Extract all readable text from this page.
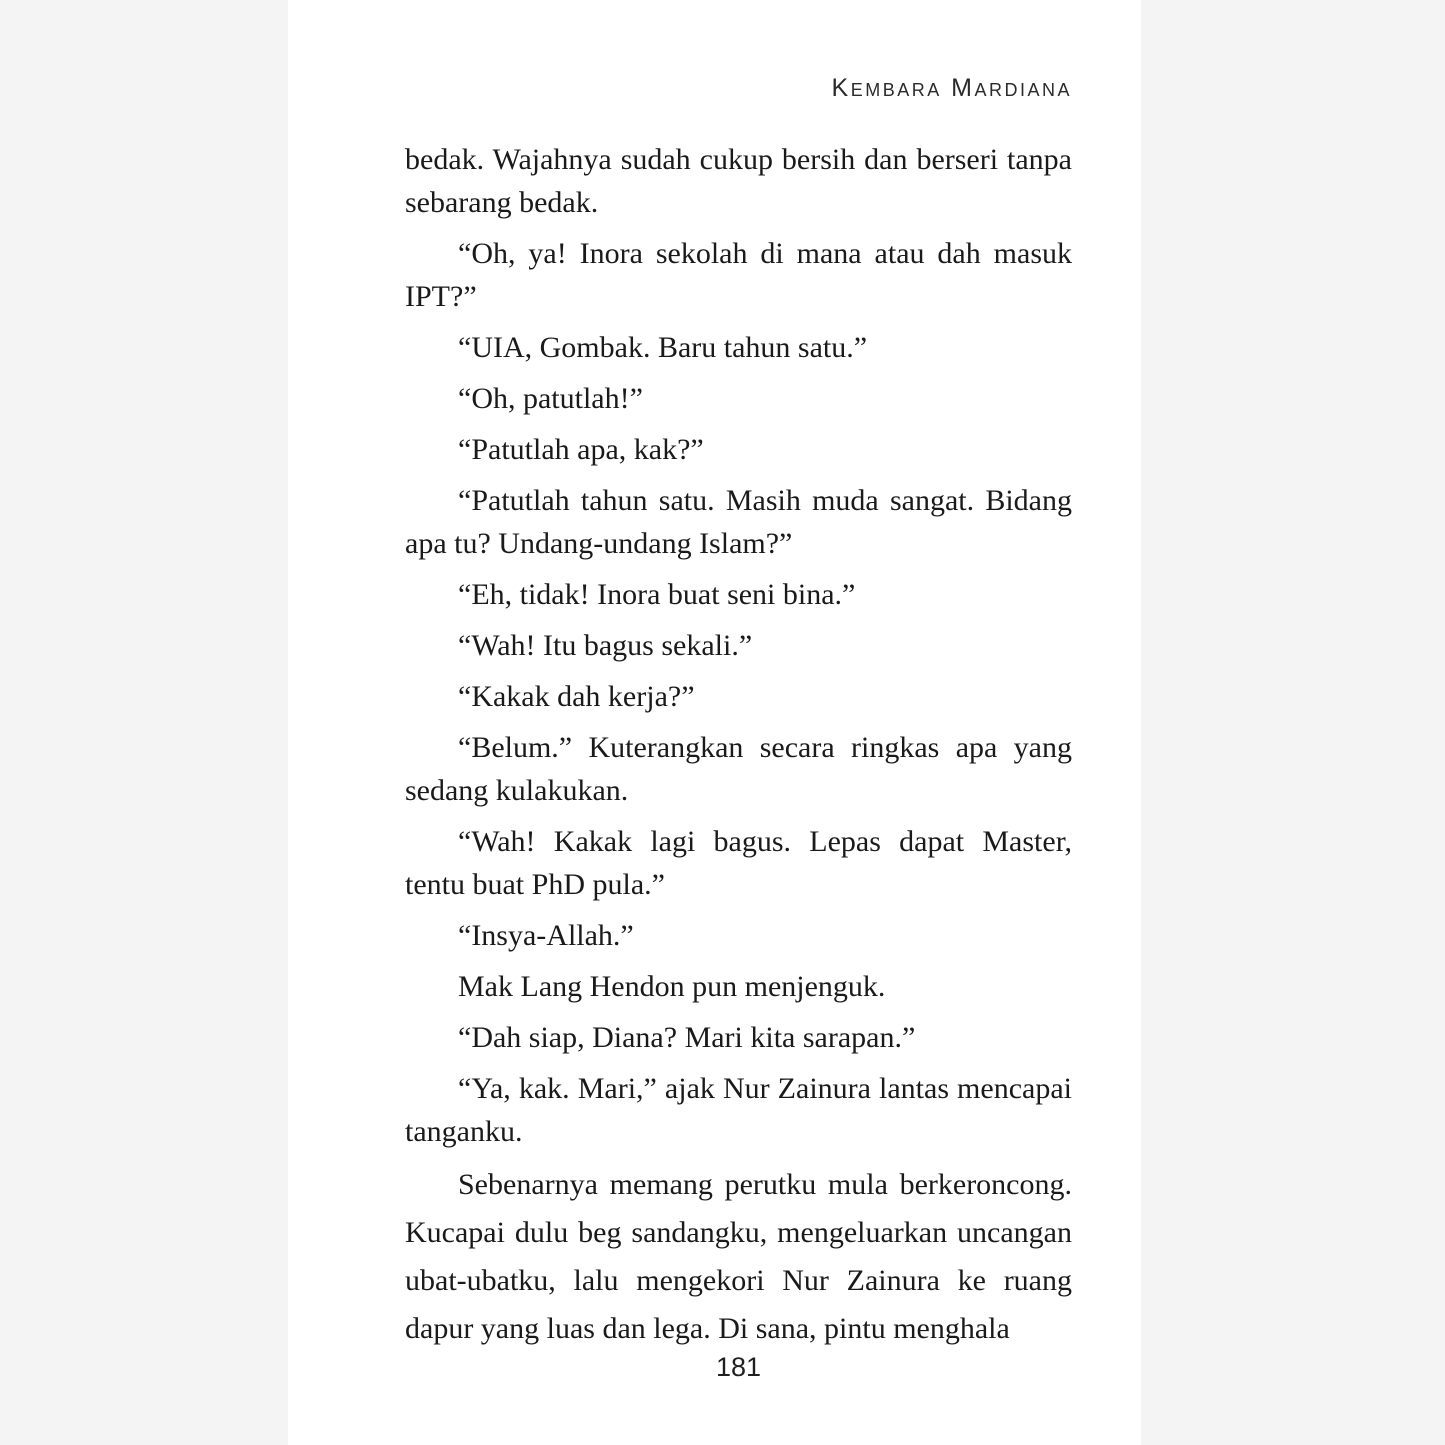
Kembara Mardiana

bedak. Wajahnya sudah cukup bersih dan berseri tanpa sebarang bedak.

“Oh, ya! Inora sekolah di mana atau dah masuk IPT?”

“UIA, Gombak. Baru tahun satu.”

“Oh, patutlah!”

“Patutlah apa, kak?”

“Patutlah tahun satu. Masih muda sangat. Bidang apa tu? Undang-undang Islam?”

“Eh, tidak! Inora buat seni bina.”

“Wah! Itu bagus sekali.”

“Kakak dah kerja?”

“Belum.” Kuterangkan secara ringkas apa yang sedang kulakukan.

“Wah! Kakak lagi bagus. Lepas dapat Master, tentu buat PhD pula.”

“Insya-Allah.”

Mak Lang Hendon pun menjenguk.

“Dah siap, Diana? Mari kita sarapan.”

“Ya, kak. Mari,” ajak Nur Zainura lantas mencapai tanganku.

Sebenarnya memang perutku mula berkeroncong. Kucapai dulu beg sandangku, mengeluarkan uncangan ubat-ubatku, lalu mengekori Nur Zainura ke ruang dapur yang luas dan lega. Di sana, pintu menghala

181
